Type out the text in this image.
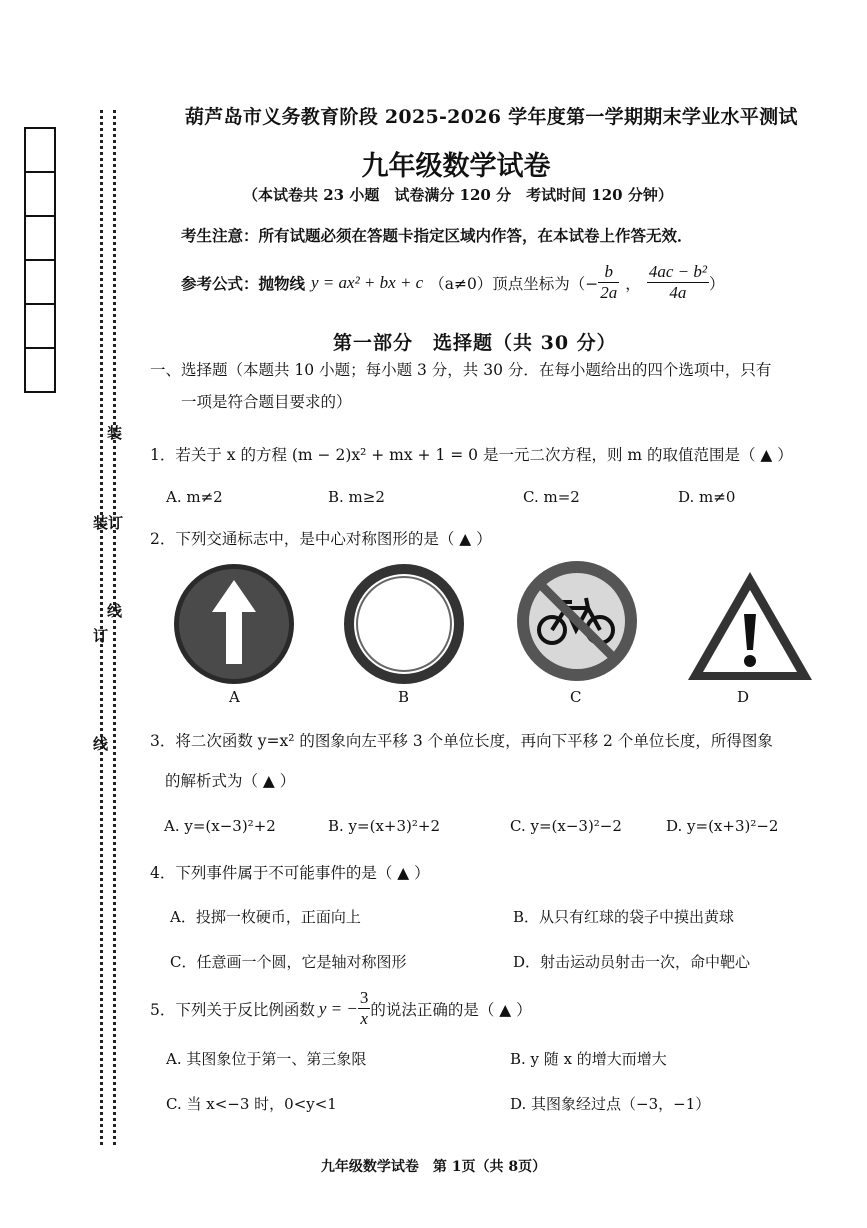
装
装 订
订
线
线
葫芦岛市义务教育阶段 2025-2026 学年度第一学期期末学业水平测试
九年级数学试卷
（本试卷共 23 小题　试卷满分 120 分　考试时间 120 分钟）
考生注意：所有试题必须在答题卡指定区域内作答，在本试卷上作答无效．
参考公式：抛物线 y = ax² + bx + c （a≠0）顶点坐标为（− $\frac{b}{2a}$ ， $\frac{\text{4ac − b²}}{4a}$ ）
第一部分　选择题（共 30 分）
一、选择题（本题共 10 小题；每小题 3 分，共 30 分．在每小题给出的四个选项中，只有
一项是符合题目要求的）
1．若关于 x 的方程 (m − 2)x² + mx + 1 = 0 是一元二次方程，则 m 的取值范围是（ ▲ ）
A. m≠2	B. m≥2	C. m=2	D. m≠0
2．下列交通标志中，是中心对称图形的是（ ▲ ）
A	B	C	D
3．将二次函数 y=x² 的图象向左平移 3 个单位长度，再向下平移 2 个单位长度，所得图象
的解析式为（ ▲ ）
A. y=(x−3)²+2	B. y=(x+3)²+2	C. y=(x−3)²−2	D. y=(x+3)²−2
4．下列事件属于不可能事件的是（ ▲ ）
A．投掷一枚硬币，正面向上	B．从只有红球的袋子中摸出黄球
C．任意画一个圆，它是轴对称图形	D．射击运动员射击一次，命中靶心
5．下列关于反比例函数 y = − $\frac{3}{x}$ 的说法正确的是（ ▲ ）
A. 其图象位于第一、第三象限	B. y 随 x 的增大而增大
C. 当 x<−3 时，0<y<1	D. 其图象经过点（−3，−1）
九年级数学试卷　第 1页（共 8页）
